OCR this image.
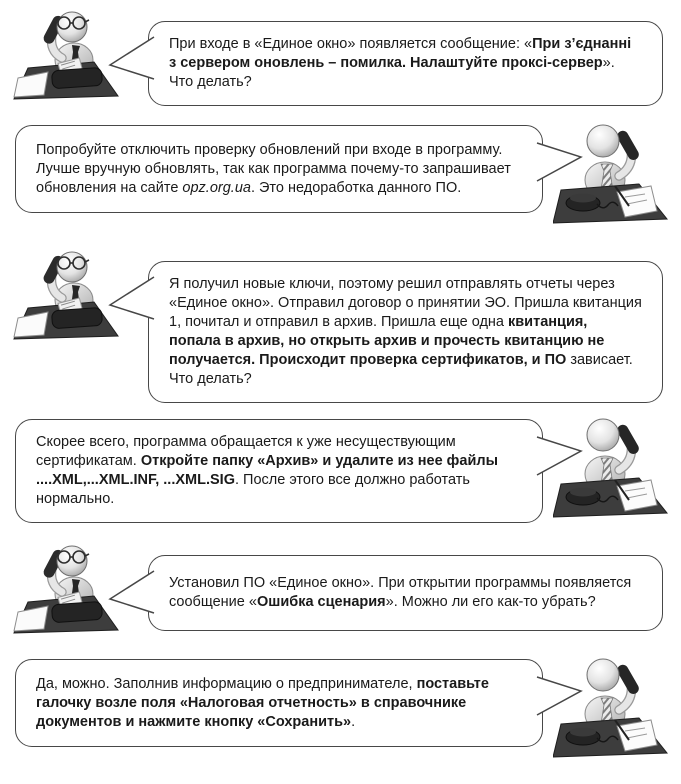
При входе в «Единое окно» появляется сообщение: «При з’єднанні з сервером оновлень – помилка. Налаштуйте проксі-сервер». Что делать?

Попробуйте отключить проверку обновлений при входе в программу. Лучше вручную обновлять, так как программа почему-то запрашивает обновления на сайте opz.org.ua. Это недоработка данного ПО.

Я получил новые ключи, поэтому решил отправлять отчеты через «Единое окно». Отправил договор о принятии ЭО. Пришла квитанция 1, почитал и отправил в архив. Пришла еще одна квитанция, попала в архив, но открыть архив и прочесть квитанцию не получается. Происходит проверка сертификатов, и ПО зависает. Что делать?

Скорее всего, программа обращается к уже несуществующим сертификатам. Откройте папку «Архив» и удалите из нее файлы ....XML,...XML.INF, ...XML.SIG. После этого все должно работать нормально.

Установил ПО «Единое окно». При открытии программы появляется сообщение «Ошибка сценария». Можно ли его как-то убрать?

Да, можно. Заполнив информацию о предпринимателе, поставьте галочку возле поля «Налоговая отчетность» в справочнике документов и нажмите кнопку «Сохранить».
